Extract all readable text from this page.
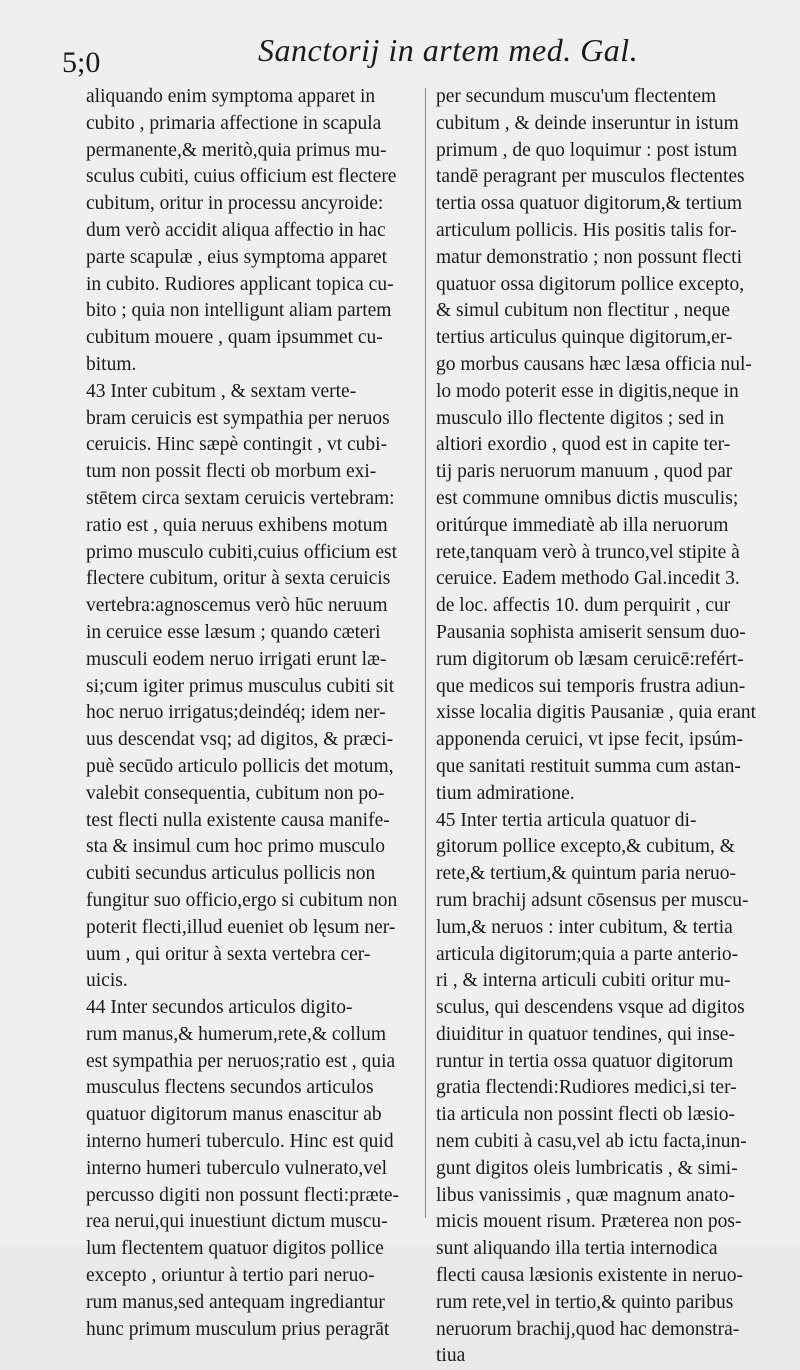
5;0	Sanctorij in artem med. Gal.
aliquando enim symptoma apparet in
cubito , primaria affectione in scapula
permanente,& meritò,quia primus mu-
sculus cubiti, cuius officium est flectere
cubitum, oritur in processu ancyroide:
dum verò accidit aliqua affectio in hac
parte scapulæ , eius symptoma apparet
in cubito. Rudiores applicant topica cu-
bito ; quia non intelligunt aliam partem
cubitum mouere , quam ipsummet cu-
bitum.
43 Inter cubitum , & sextam verte-
bram ceruicis est sympathia per neruos
ceruicis. Hinc sæpè contingit , vt cubi-
tum non possit flecti ob morbum exi-
stētem circa sextam ceruicis vertebram:
ratio est , quia neruus exhibens motum
primo musculo cubiti,cuius officium est
flectere cubitum, oritur à sexta ceruicis
vertebra:agnoscemus verò hūc neruum
in ceruice esse læsum ; quando cæteri
musculi eodem neruo irrigati erunt læ-
si;cum igiter primus musculus cubiti sit
hoc neruo irrigatus;deindéq; idem ner-
uus descendat vsq; ad digitos, & præci-
puè secūdo articulo pollicis det motum,
valebit consequentia, cubitum non po-
test flecti nulla existente causa manife-
sta & insimul cum hoc primo musculo
cubiti secundus articulus pollicis non
fungitur suo officio,ergo si cubitum non
poterit flecti,illud eueniet ob lęsum ner-
uum , qui oritur à sexta vertebra cer-
uicis.
44 Inter secundos articulos digito-
rum manus,& humerum,rete,& collum
est sympathia per neruos;ratio est , quia
musculus flectens secundos articulos
quatuor digitorum manus enascitur ab
interno humeri tuberculo. Hinc est quid
interno humeri tuberculo vulnerato,vel
percusso digiti non possunt flecti:præte-
rea nerui,qui inuestiunt dictum muscu-
lum flectentem quatuor digitos pollice
excepto , oriuntur à tertio pari neruo-
rum manus,sed antequam ingrediantur
hunc primum musculum prius peragrāt
per secundum muscu'um flectentem
cubitum , & deinde inseruntur in istum
primum , de quo loquimur : post istum
tandē peragrant per musculos flectentes
tertia ossa quatuor digitorum,& tertium
articulum pollicis. His positis talis for-
matur demonstratio ; non possunt flecti
quatuor ossa digitorum pollice excepto,
& simul cubitum non flectitur , neque
tertius articulus quinque digitorum,er-
go morbus causans hæc læsa officia nul-
lo modo poterit esse in digitis,neque in
musculo illo flectente digitos ; sed in
altiori exordio , quod est in capite ter-
tij paris neruorum manuum , quod par
est commune omnibus dictis musculis;
oritúrque immediatè ab illa neruorum
rete,tanquam verò à trunco,vel stipite à
ceruice. Eadem methodo Gal.incedit 3.
de loc. affectis 10. dum perquirit , cur
Pausania sophista amiserit sensum duo-
rum digitorum ob læsam ceruicē:refért-
que medicos sui temporis frustra adiun-
xisse localia digitis Pausaniæ , quia erant
apponenda ceruici, vt ipse fecit, ipsúm-
que sanitati restituit summa cum astan-
tium admiratione.
45 Inter tertia articula quatuor di-
gitorum pollice excepto,& cubitum, &
rete,& tertium,& quintum paria neruo-
rum brachij adsunt cōsensus per muscu-
lum,& neruos : inter cubitum, & tertia
articula digitorum;quia a parte anterio-
ri , & interna articuli cubiti oritur mu-
sculus, qui descendens vsque ad digitos
diuiditur in quatuor tendines, qui inse-
runtur in tertia ossa quatuor digitorum
gratia flectendi:Rudiores medici,si ter-
tia articula non possint flecti ob læsio-
nem cubiti à casu,vel ab ictu facta,inun-
gunt digitos oleis lumbricatis , & simi-
libus vanissimis , quæ magnum anato-
micis mouent risum. Præterea non pos-
sunt aliquando illa tertia internodica
flecti causa læsionis existente in neruo-
rum rete,vel in tertio,& quinto paribus
neruorum brachij,quod hac demonstra-
tiua
